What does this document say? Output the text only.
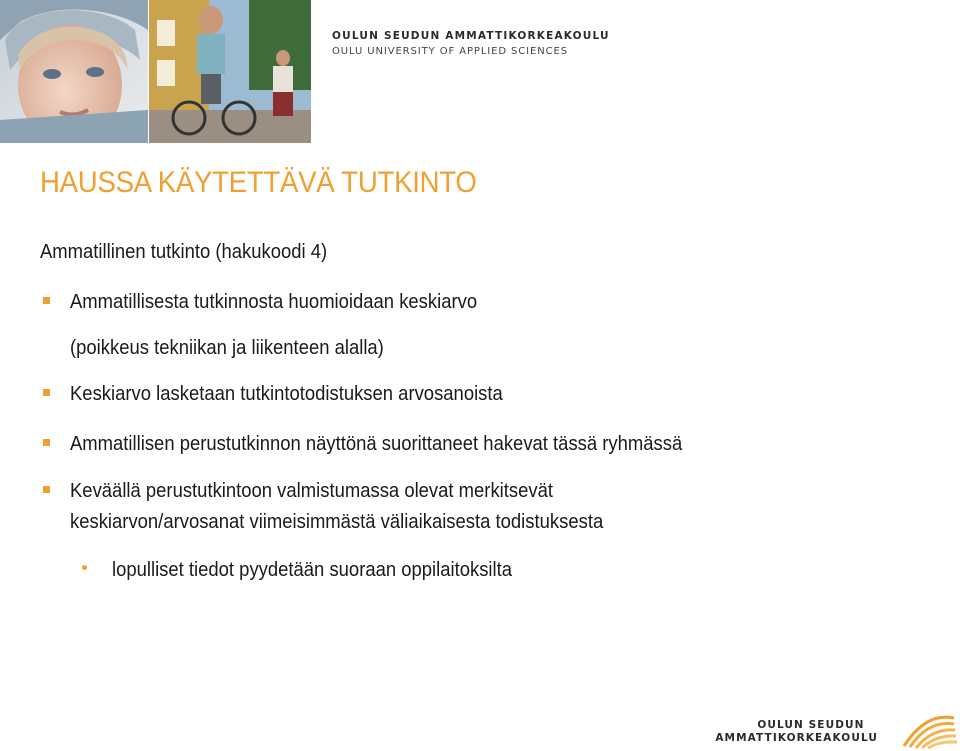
OULUN SEUDUN AMMATTIKORKEAKOULU
OULU UNIVERSITY OF APPLIED SCIENCES
HAUSSA KÄYTETTÄVÄ TUTKINTO
Ammatillinen tutkinto (hakukoodi 4)
Ammatillisesta tutkinnosta huomioidaan keskiarvo
(poikkeus tekniikan ja liikenteen alalla)
Keskiarvo lasketaan tutkintotodistuksen arvosanoista
Ammatillisen perustutkinnon näyttönä suorittaneet hakevat tässä ryhmässä
Keväällä perustutkintoon valmistumassa olevat merkitsevät
keskiarvon/arvosanat viimeisimmästä väliaikaisesta todistuksesta
lopulliset tiedot pyydetään suoraan oppilaitoksilta
OULUN SEUDUN
AMMATTIKORKEAKOULU
